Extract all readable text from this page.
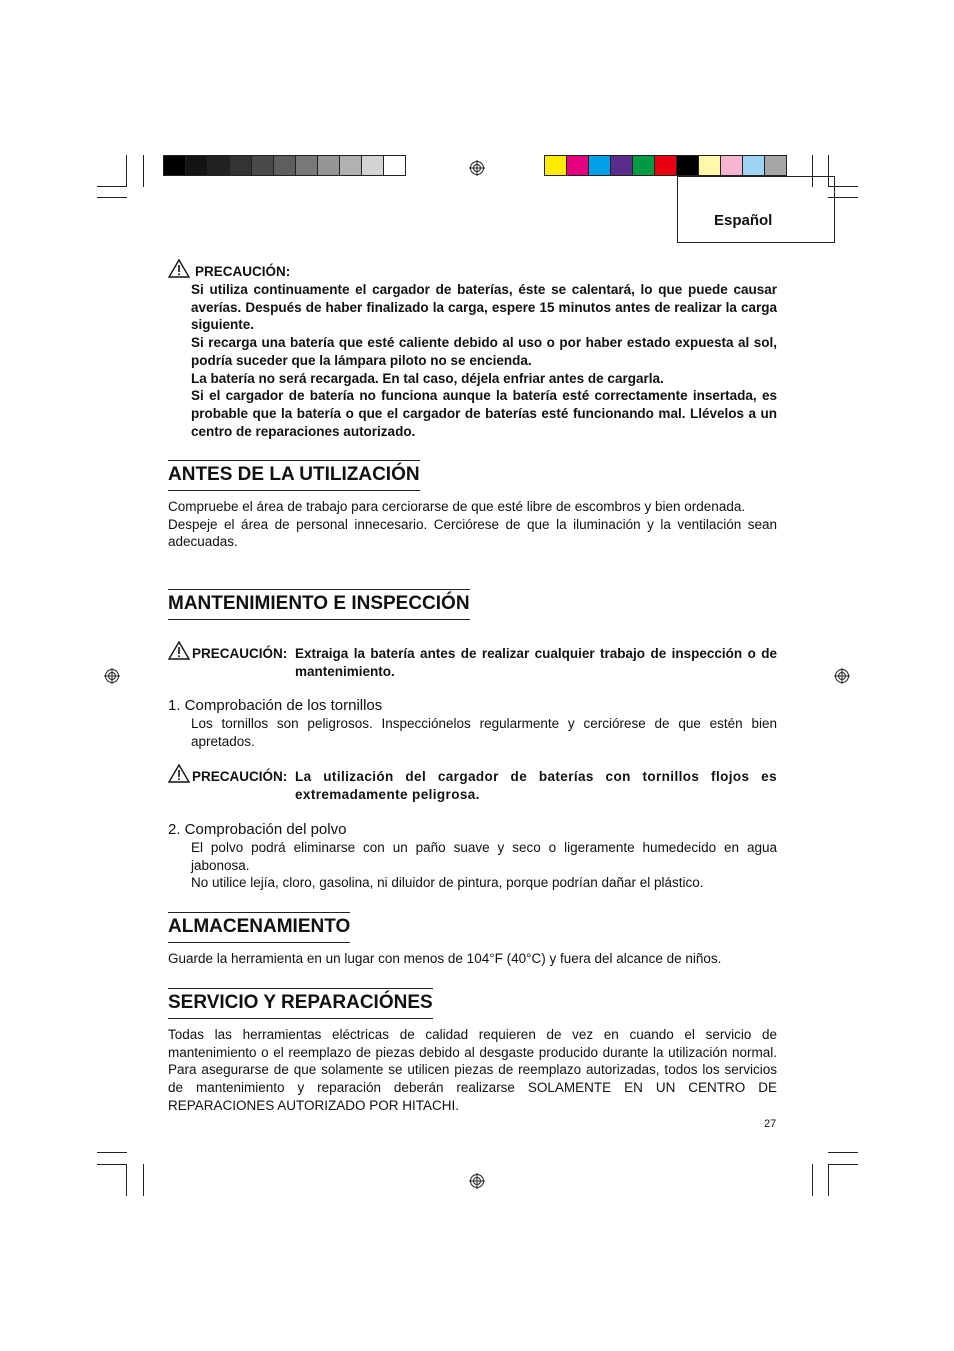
Español
PRECAUCIÓN:
Si utiliza continuamente el cargador de baterías, éste se calentará, lo que puede causar averías. Después de haber finalizado la carga, espere 15 minutos antes de realizar la carga siguiente.
Si recarga una batería que esté caliente debido al uso o por haber estado expuesta al sol, podría suceder que la lámpara piloto no se encienda.
La batería no será recargada. En tal caso, déjela enfriar antes de cargarla.
Si el cargador de batería no funciona aunque la batería esté correctamente insertada, es probable que la batería o que el cargador de baterías esté funcionando mal. Llévelos a un centro de reparaciones autorizado.
ANTES DE LA UTILIZACIÓN
Compruebe el área de trabajo para cerciorarse de que esté libre de escombros y bien ordenada.
Despeje el área de personal innecesario. Cerciórese de que la iluminación y la ventilación sean adecuadas.
MANTENIMIENTO E INSPECCIÓN
PRECAUCIÓN: Extraiga la batería antes de realizar cualquier trabajo de inspección o de mantenimiento.
1. Comprobación de los tornillos
Los tornillos son peligrosos. Inspecciónelos regularmente y cerciórese de que estén bien apretados.
PRECAUCIÓN: La utilización del cargador de baterías con tornillos flojos es extremadamente peligrosa.
2. Comprobación del polvo
El polvo podrá eliminarse con un paño suave y seco o ligeramente humedecido en agua jabonosa.
No utilice lejía, cloro, gasolina, ni diluidor de pintura, porque podrían dañar el plástico.
ALMACENAMIENTO
Guarde la herramienta en un lugar con menos de 104°F (40°C) y fuera del alcance de niños.
SERVICIO Y REPARACIÓNES
Todas las herramientas eléctricas de calidad requieren de vez en cuando el servicio de mantenimiento o el reemplazo de piezas debido al desgaste producido durante la utilización normal. Para asegurarse de que solamente se utilicen piezas de reemplazo autorizadas, todos los servicios de mantenimiento y reparación deberán realizarse SOLAMENTE EN UN CENTRO DE REPARACIONES AUTORIZADO POR HITACHI.
27
